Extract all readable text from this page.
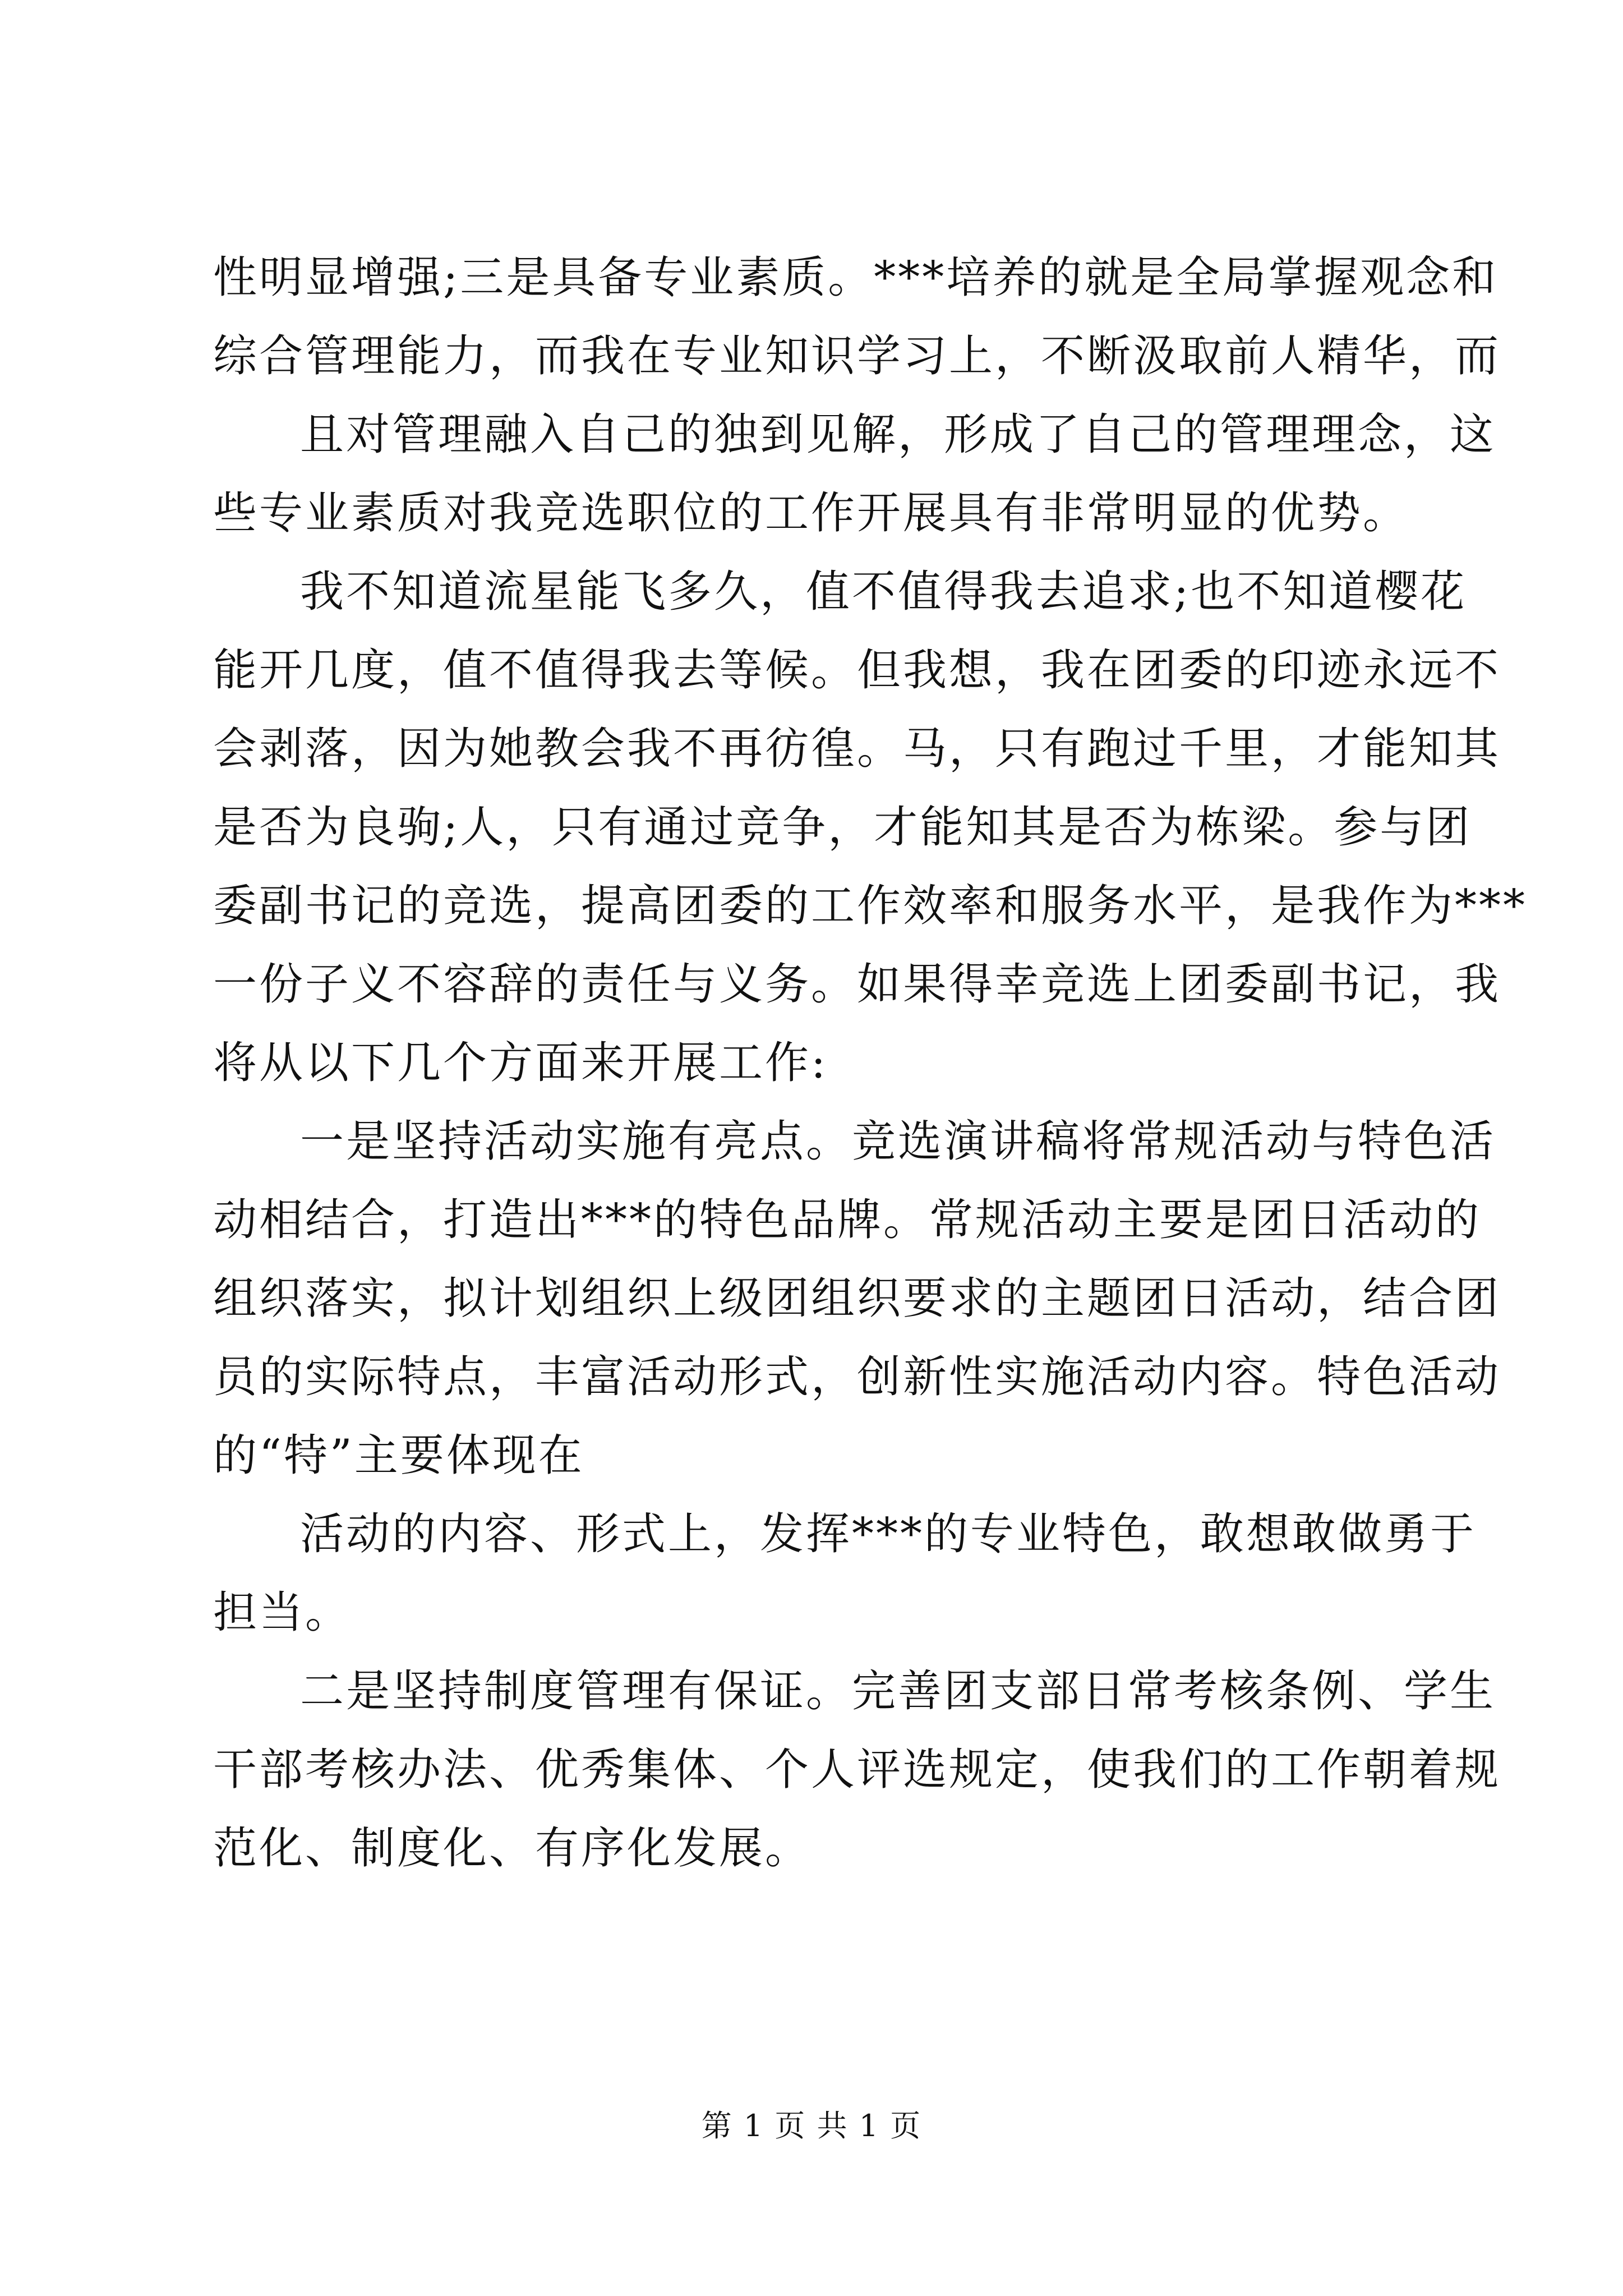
性明显增强;三是具备专业素质。***培养的就是全局掌握观念和
综合管理能力，而我在专业知识学习上，不断汲取前人精华，而
且对管理融入自己的独到见解，形成了自己的管理理念，这
些专业素质对我竞选职位的工作开展具有非常明显的优势。
我不知道流星能飞多久，值不值得我去追求;也不知道樱花
能开几度，值不值得我去等候。但我想，我在团委的印迹永远不
会剥落，因为她教会我不再彷徨。马，只有跑过千里，才能知其
是否为良驹;人，只有通过竞争，才能知其是否为栋梁。参与团
委副书记的竞选，提高团委的工作效率和服务水平，是我作为***
一份子义不容辞的责任与义务。如果得幸竞选上团委副书记，我
将从以下几个方面来开展工作:
一是坚持活动实施有亮点。竞选演讲稿将常规活动与特色活
动相结合，打造出***的特色品牌。常规活动主要是团日活动的
组织落实，拟计划组织上级团组织要求的主题团日活动，结合团
员的实际特点，丰富活动形式，创新性实施活动内容。特色活动
的“特”主要体现在
活动的内容、形式上，发挥***的专业特色，敢想敢做勇于
担当。
二是坚持制度管理有保证。完善团支部日常考核条例、学生
干部考核办法、优秀集体、个人评选规定，使我们的工作朝着规
范化、制度化、有序化发展。
第 1 页 共 1 页
